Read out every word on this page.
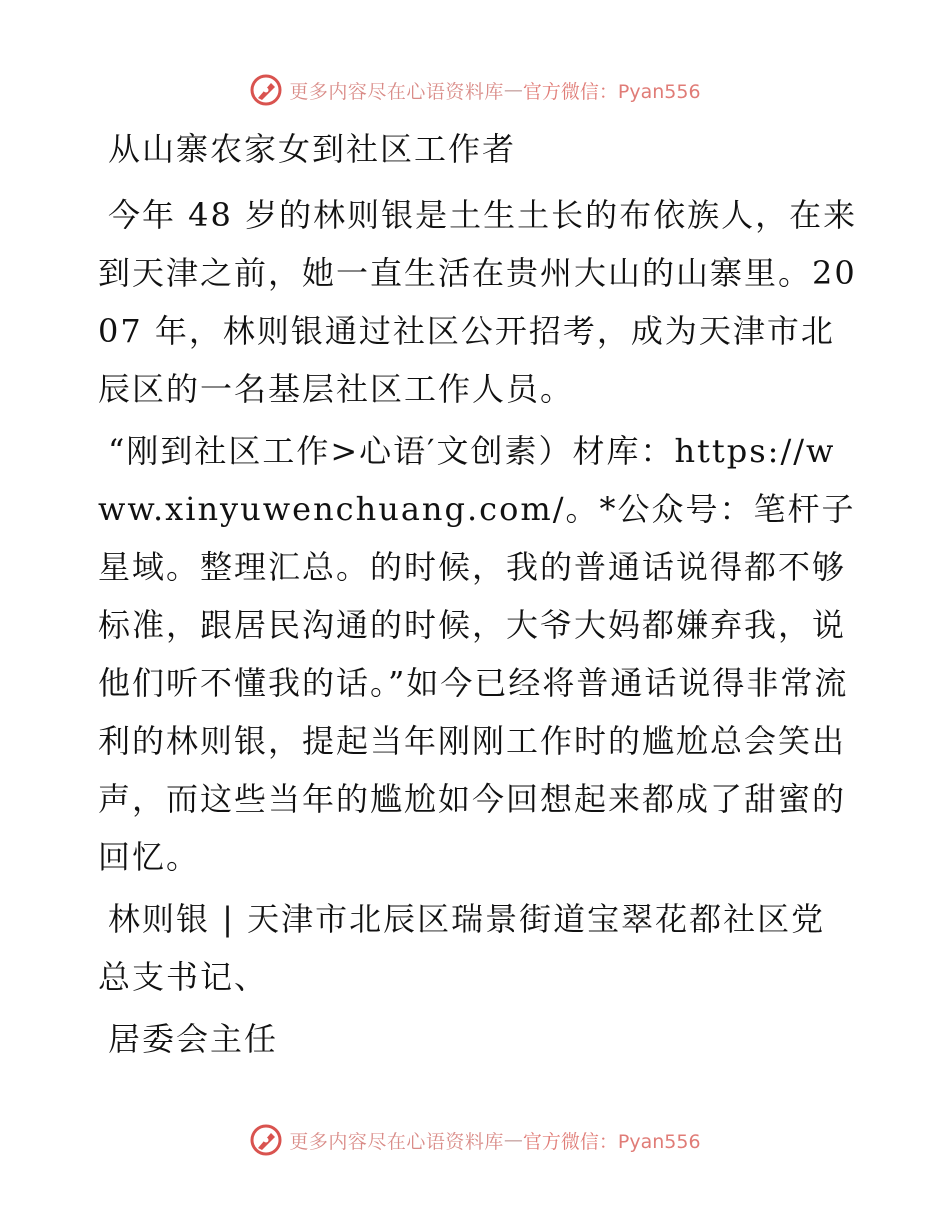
更多内容尽在心语资料库 — 官方微信：Pyan556

从山寨农家女到社区工作者

今年 48 岁的林则银是土生土长的布依族人，在来到天津之前，她一直生活在贵州大山的山寨里。2007 年，林则银通过社区公开招考，成为天津市北辰区的一名基层社区工作人员。

“刚到社区工作>心语′文创素）材库：https://www.xinyuwenchuang.com/。*公众号：笔杆子星域。整理汇总。的时候，我的普通话说得都不够标准，跟居民沟通的时候，大爷大妈都嫌弃我，说他们听不懂我的话。”如今已经将普通话说得非常流利的林则银，提起当年刚刚工作时的尴尬总会笑出声，而这些当年的尴尬如今回想起来都成了甜蜜的回忆。

林则银 | 天津市北辰区瑞景街道宝翠花都社区党总支书记、

居委会主任

更多内容尽在心语资料库 — 官方微信：Pyan556
